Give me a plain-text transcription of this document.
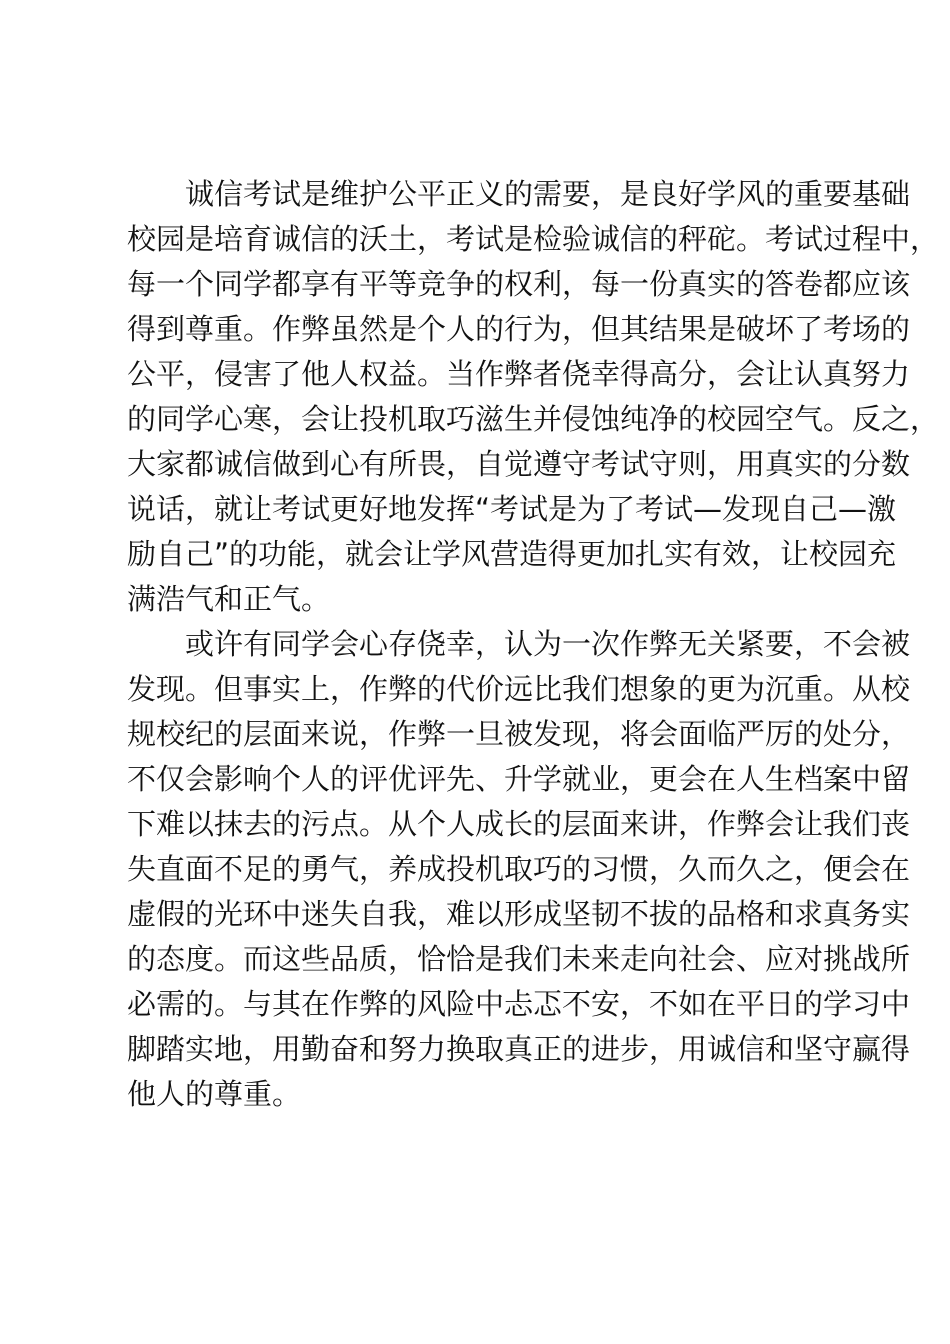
　　诚信考试是维护公平正义的需要，是良好学风的重要基础
校园是培育诚信的沃土，考试是检验诚信的秤砣。考试过程中，
每一个同学都享有平等竞争的权利，每一份真实的答卷都应该
得到尊重。作弊虽然是个人的行为，但其结果是破坏了考场的
公平，侵害了他人权益。当作弊者侥幸得高分，会让认真努力
的同学心寒，会让投机取巧滋生并侵蚀纯净的校园空气。反之，
大家都诚信做到心有所畏，自觉遵守考试守则，用真实的分数
说话，就让考试更好地发挥“考试是为了考试—发现自己—激
励自己”的功能，就会让学风营造得更加扎实有效，让校园充
满浩气和正气。
　　或许有同学会心存侥幸，认为一次作弊无关紧要，不会被
发现。但事实上，作弊的代价远比我们想象的更为沉重。从校
规校纪的层面来说，作弊一旦被发现，将会面临严厉的处分，
不仅会影响个人的评优评先、升学就业，更会在人生档案中留
下难以抹去的污点。从个人成长的层面来讲，作弊会让我们丧
失直面不足的勇气，养成投机取巧的习惯，久而久之，便会在
虚假的光环中迷失自我，难以形成坚韧不拔的品格和求真务实
的态度。而这些品质，恰恰是我们未来走向社会、应对挑战所
必需的。与其在作弊的风险中忐忑不安，不如在平日的学习中
脚踏实地，用勤奋和努力换取真正的进步，用诚信和坚守赢得
他人的尊重。
